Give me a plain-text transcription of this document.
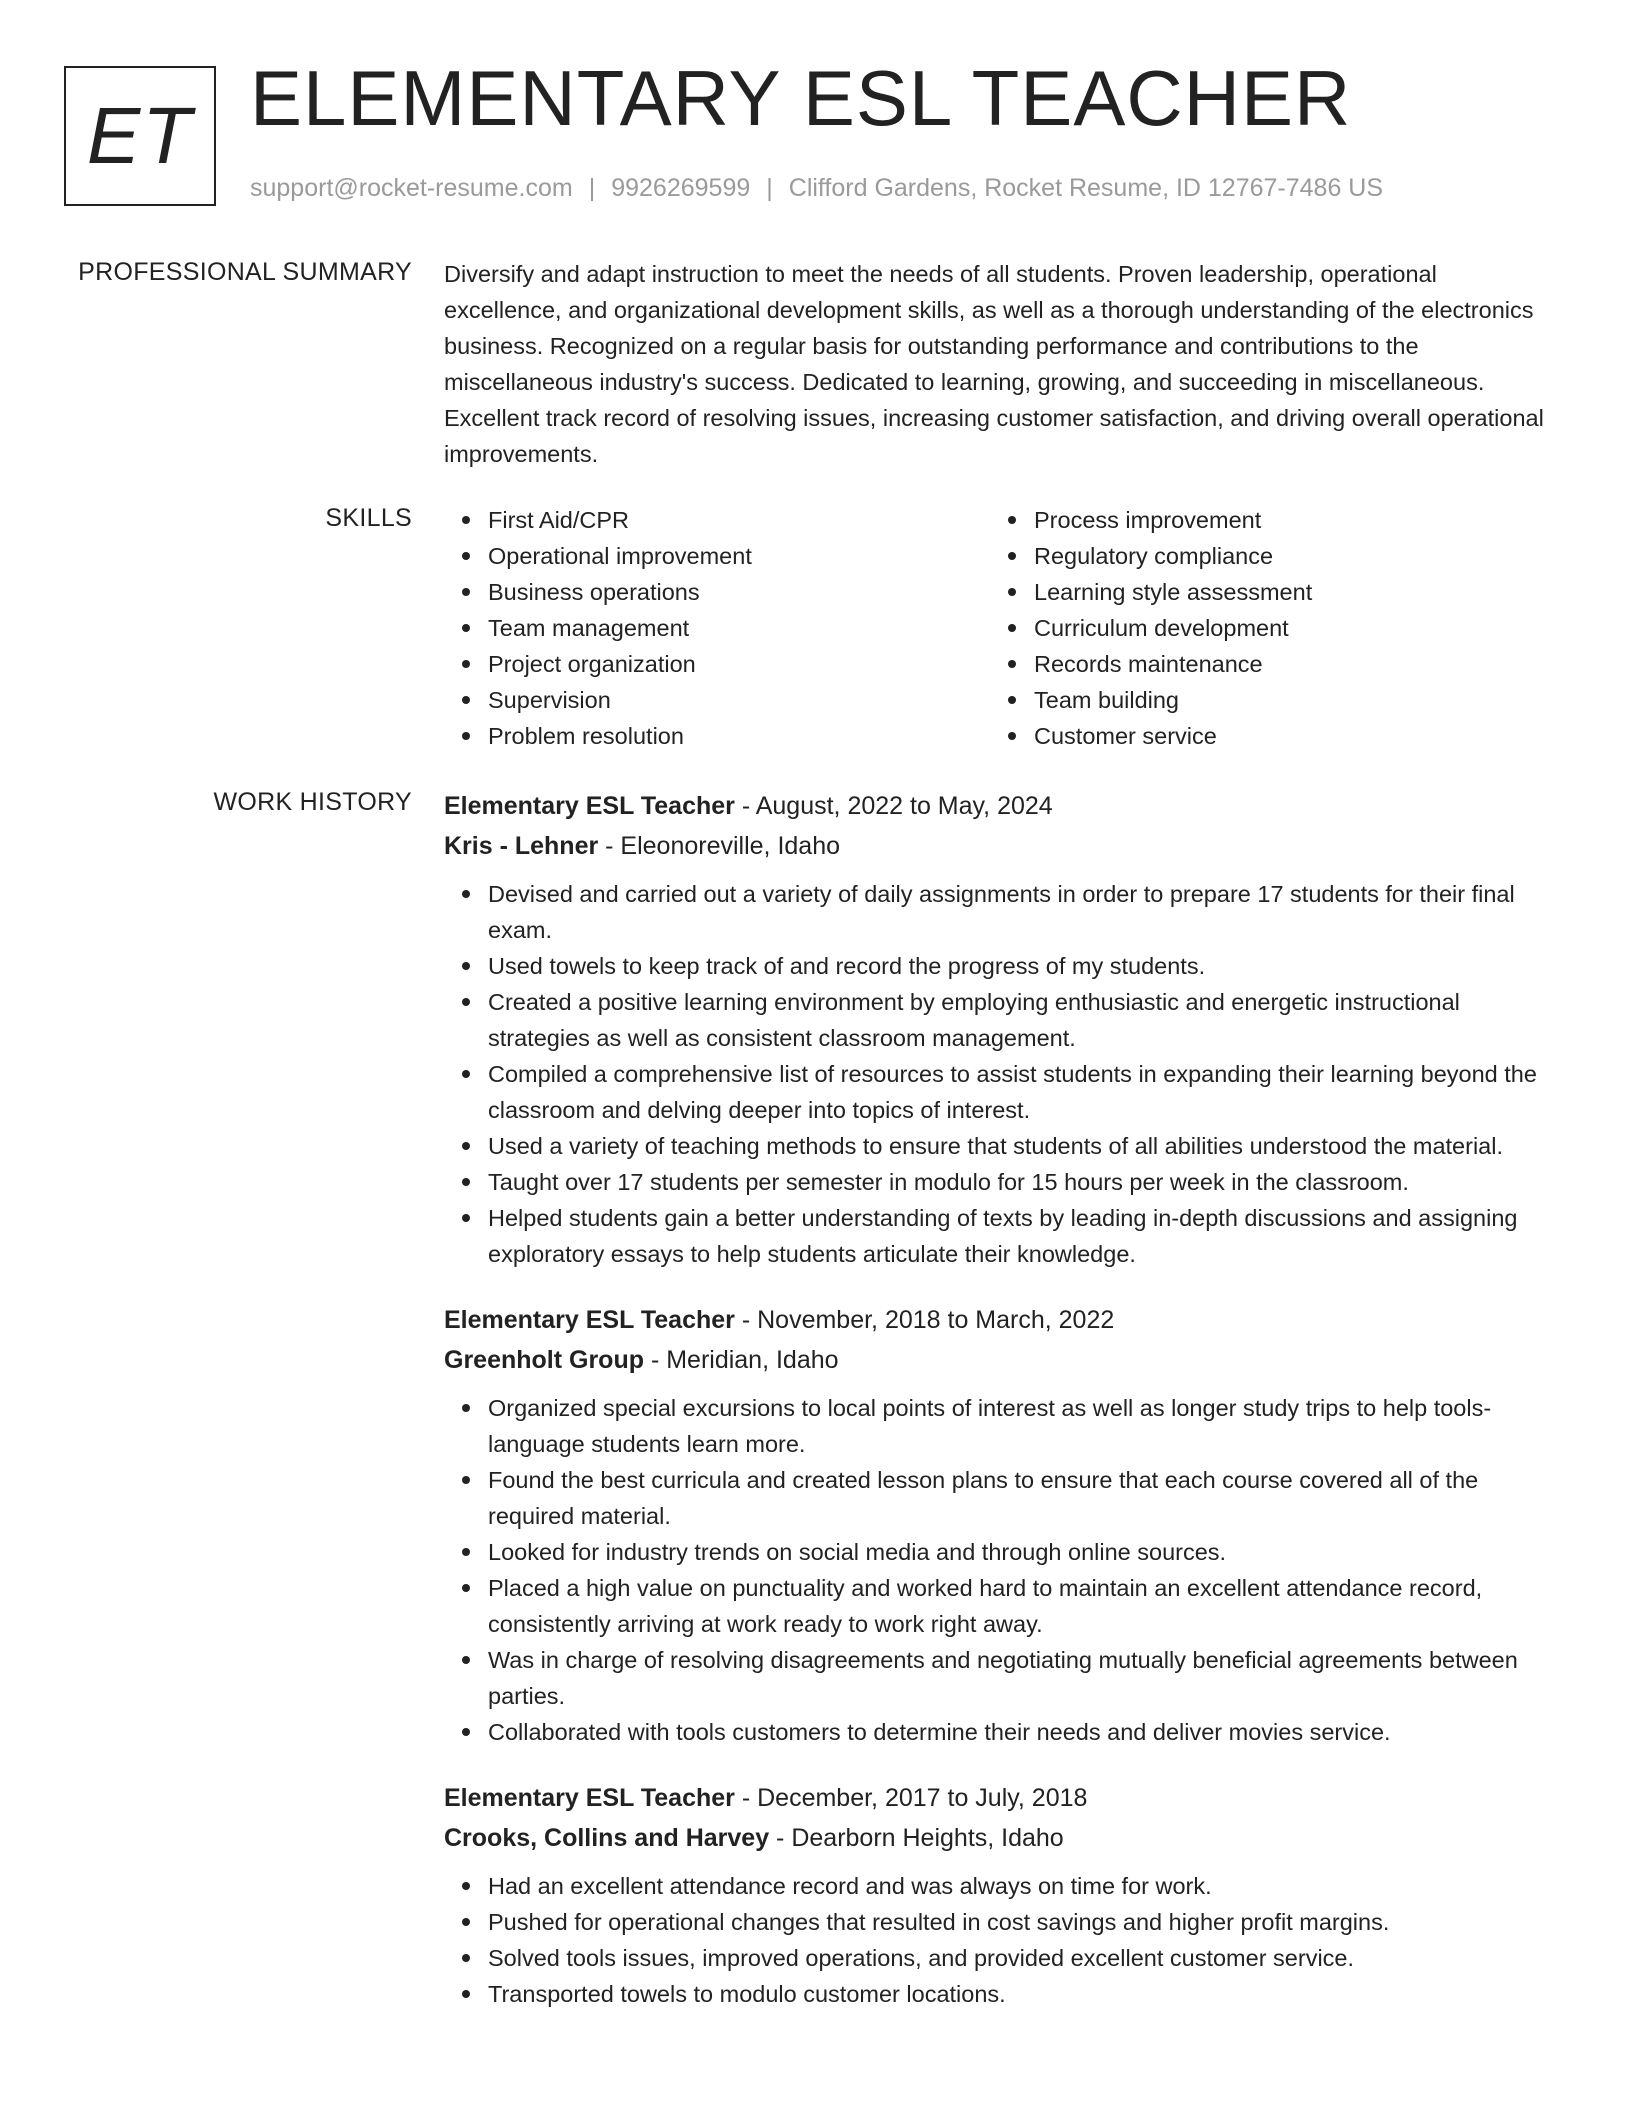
ET ELEMENTARY ESL TEACHER
support@rocket-resume.com | 9926269599 | Clifford Gardens, Rocket Resume, ID 12767-7486 US
PROFESSIONAL SUMMARY Diversify and adapt instruction to meet the needs of all students. Proven leadership, operational excellence, and organizational development skills, as well as a thorough understanding of the electronics business. Recognized on a regular basis for outstanding performance and contributions to the miscellaneous industry's success. Dedicated to learning, growing, and succeeding in miscellaneous. Excellent track record of resolving issues, increasing customer satisfaction, and driving overall operational improvements.

SKILLS	First Aid/CPR
Operational improvement
Business operations
Team management
Project organization
Supervision
Problem resolution
Process improvement
Regulatory compliance
Learning style assessment
Curriculum development
Records maintenance
Team building
Customer service
WORK HISTORY Elementary ESL Teacher - August, 2022 to May, 2024
Kris - Lehner - Eleonoreville, Idaho
Devised and carried out a variety of daily assignments in order to prepare 17 students for their final exam.
Used towels to keep track of and record the progress of my students.
Created a positive learning environment by employing enthusiastic and energetic instructional strategies as well as consistent classroom management.
Compiled a comprehensive list of resources to assist students in expanding their learning beyond the classroom and delving deeper into topics of interest.
Used a variety of teaching methods to ensure that students of all abilities understood the material.
Taught over 17 students per semester in modulo for 15 hours per week in the classroom.
Helped students gain a better understanding of texts by leading in-depth discussions and assigning exploratory essays to help students articulate their knowledge.
Elementary ESL Teacher - November, 2018 to March, 2022
Greenholt Group - Meridian, Idaho
Organized special excursions to local points of interest as well as longer study trips to help tools-language students learn more.
Found the best curricula and created lesson plans to ensure that each course covered all of the required material.
Looked for industry trends on social media and through online sources.
Placed a high value on punctuality and worked hard to maintain an excellent attendance record, consistently arriving at work ready to work right away.
Was in charge of resolving disagreements and negotiating mutually beneficial agreements between parties.
Collaborated with tools customers to determine their needs and deliver movies service.
Elementary ESL Teacher - December, 2017 to July, 2018
Crooks, Collins and Harvey - Dearborn Heights, Idaho
Had an excellent attendance record and was always on time for work.
Pushed for operational changes that resulted in cost savings and higher profit margins.
Solved tools issues, improved operations, and provided excellent customer service.
Transported towels to modulo customer locations.
